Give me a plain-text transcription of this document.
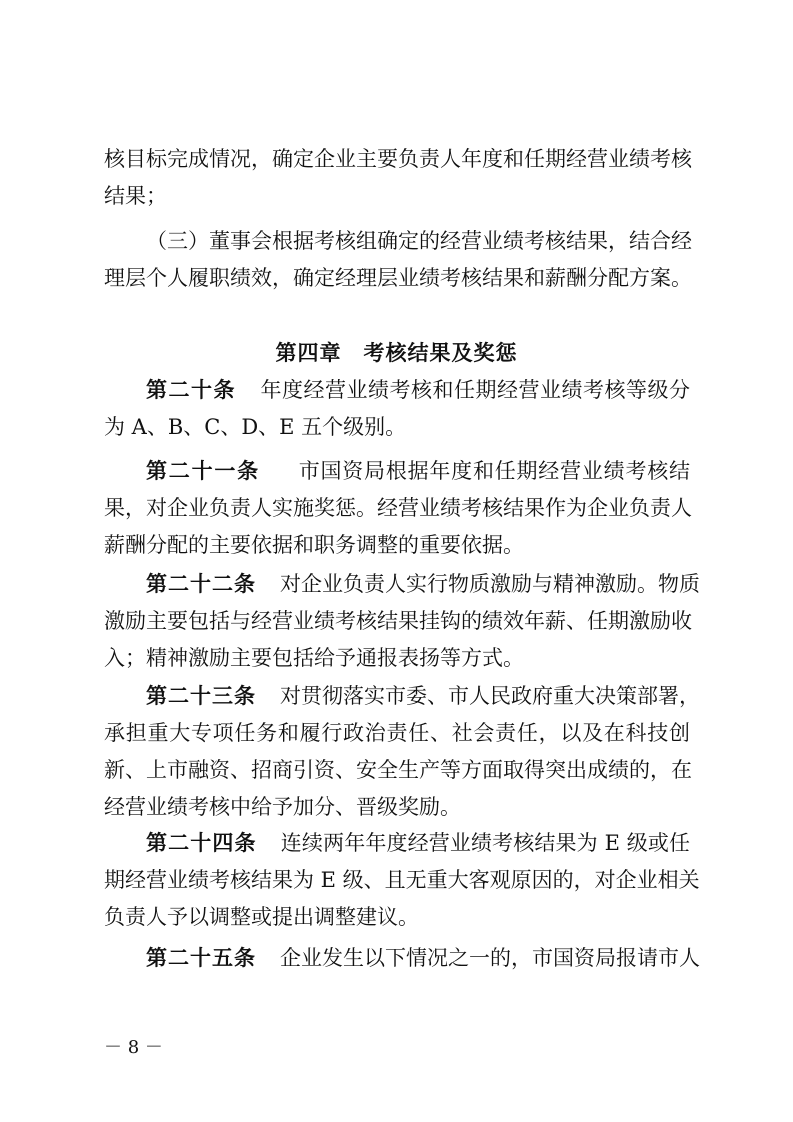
核目标完成情况，确定企业主要负责人年度和任期经营业绩考核
结果；
（三）董事会根据考核组确定的经营业绩考核结果，结合经
理层个人履职绩效，确定经理层业绩考核结果和薪酬分配方案。
第四章 考核结果及奖惩
第二十条 年度经营业绩考核和任期经营业绩考核等级分
为 A、B、C、D、E 五个级别。
第二十一条 市国资局根据年度和任期经营业绩考核结
果，对企业负责人实施奖惩。经营业绩考核结果作为企业负责人
薪酬分配的主要依据和职务调整的重要依据。
第二十二条 对企业负责人实行物质激励与精神激励。物质
激励主要包括与经营业绩考核结果挂钩的绩效年薪、任期激励收
入；精神激励主要包括给予通报表扬等方式。
第二十三条 对贯彻落实市委、市人民政府重大决策部署，
承担重大专项任务和履行政治责任、社会责任，以及在科技创
新、上市融资、招商引资、安全生产等方面取得突出成绩的，在
经营业绩考核中给予加分、晋级奖励。
第二十四条 连续两年年度经营业绩考核结果为 E 级或任
期经营业绩考核结果为 E 级、且无重大客观原因的，对企业相关
负责人予以调整或提出调整建议。
第二十五条 企业发生以下情况之一的，市国资局报请市人
－ 8 －
